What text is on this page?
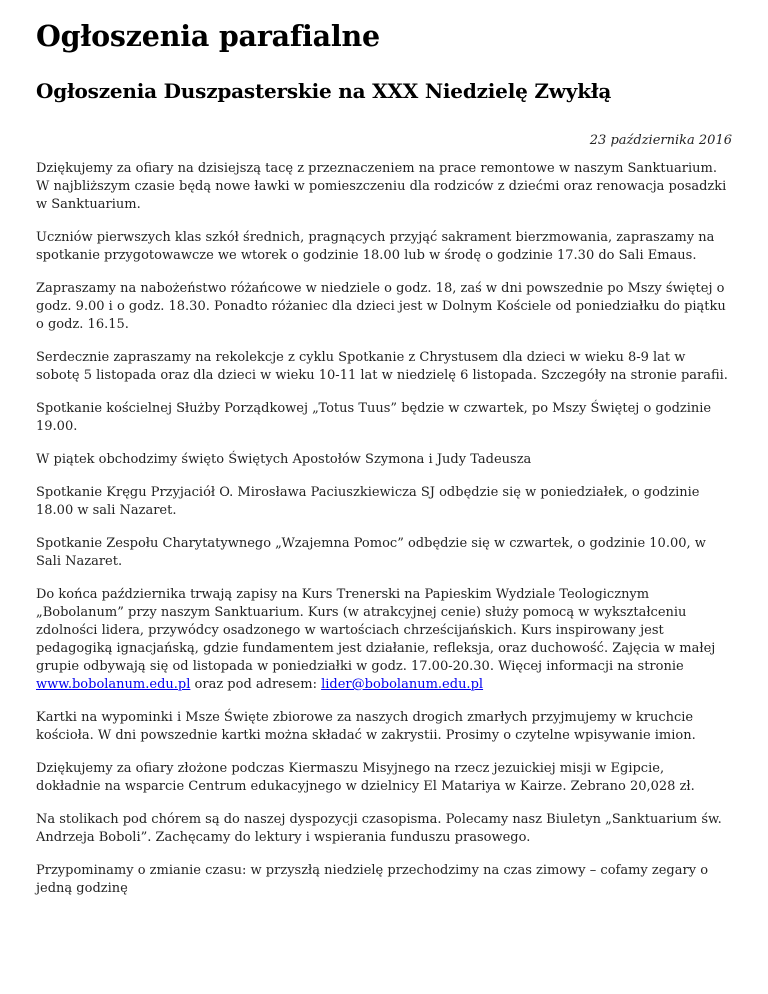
Ogłoszenia parafialne
Ogłoszenia Duszpasterskie na XXX Niedzielę Zwykłą

23 października 2016

Dziękujemy za ofiary na dzisiejszą tacę z przeznaczeniem na prace remontowe w naszym Sanktuarium. W najbliższym czasie będą nowe ławki w pomieszczeniu dla rodziców z dziećmi oraz renowacja posadzki w Sanktuarium.

Uczniów pierwszych klas szkół średnich, pragnących przyjąć sakrament bierzmowania, zapraszamy na spotkanie przygotowawcze we wtorek o godzinie 18.00 lub w środę o godzinie 17.30 do Sali Emaus.

Zapraszamy na nabożeństwo różańcowe w niedziele o godz. 18, zaś w dni powszednie po Mszy świętej o godz. 9.00 i o godz. 18.30. Ponadto różaniec dla dzieci jest w Dolnym Kościele od poniedziałku do piątku o godz. 16.15.

Serdecznie zapraszamy na rekolekcje z cyklu Spotkanie z Chrystusem dla dzieci w wieku 8-9 lat w sobotę 5 listopada oraz dla dzieci w wieku 10-11 lat w niedzielę 6 listopada. Szczegóły na stronie parafii.

Spotkanie kościelnej Służby Porządkowej „Totus Tuus” będzie w czwartek, po Mszy Świętej o godzinie 19.00.

W piątek obchodzimy święto Świętych Apostołów Szymona i Judy Tadeusza

Spotkanie Kręgu Przyjaciół O. Mirosława Paciuszkiewicza SJ odbędzie się w poniedziałek, o godzinie 18.00 w sali Nazaret.

Spotkanie Zespołu Charytatywnego „Wzajemna Pomoc” odbędzie się w czwartek, o godzinie 10.00, w Sali Nazaret.

Do końca października trwają zapisy na Kurs Trenerski na Papieskim Wydziale Teologicznym „Bobolanum” przy naszym Sanktuarium. Kurs (w atrakcyjnej cenie) służy pomocą w wykształceniu zdolności lidera, przywódcy osadzonego w wartościach chrześcijańskich. Kurs inspirowany jest pedagogiką ignacjańską, gdzie fundamentem jest działanie, refleksja, oraz duchowość. Zajęcia w małej grupie odbywają się od listopada w poniedziałki w godz. 17.00-20.30. Więcej informacji na stronie www.bobolanum.edu.pl oraz pod adresem: lider@bobolanum.edu.pl

Kartki na wypominki i Msze Święte zbiorowe za naszych drogich zmarłych przyjmujemy w kruchcie kościoła. W dni powszednie kartki można składać w zakrystii. Prosimy o czytelne wpisywanie imion.

Dziękujemy za ofiary złożone podczas Kiermaszu Misyjnego na rzecz jezuickiej misji w Egipcie, dokładnie na wsparcie Centrum edukacyjnego w dzielnicy El Matariya w Kairze. Zebrano 20,028 zł.

Na stolikach pod chórem są do naszej dyspozycji czasopisma. Polecamy nasz Biuletyn „Sanktuarium św. Andrzeja Boboli”. Zachęcamy do lektury i wspierania funduszu prasowego.

Przypominamy o zmianie czasu: w przyszłą niedzielę przechodzimy na czas zimowy – cofamy zegary o jedną godzinę
